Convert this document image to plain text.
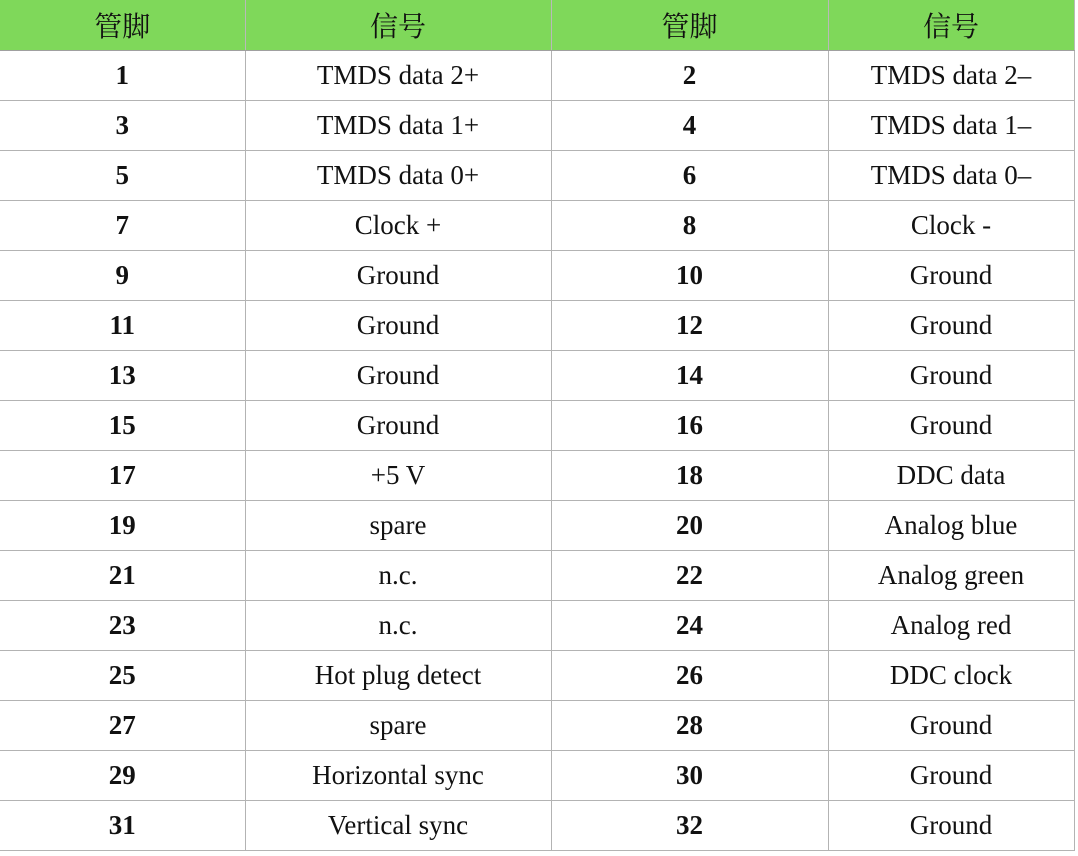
管脚	信号	管脚	信号
1	TMDS data 2+	2	TMDS data 2–
3	TMDS data 1+	4	TMDS data 1–
5	TMDS data 0+	6	TMDS data 0–
7	Clock +	8	Clock -
9	Ground	10	Ground
11	Ground	12	Ground
13	Ground	14	Ground
15	Ground	16	Ground
17	+5 V	18	DDC data
19	spare	20	Analog blue
21	n.c.	22	Analog green
23	n.c.	24	Analog red
25	Hot plug detect	26	DDC clock
27	spare	28	Ground
29	Horizontal sync	30	Ground
31	Vertical sync	32	Ground
